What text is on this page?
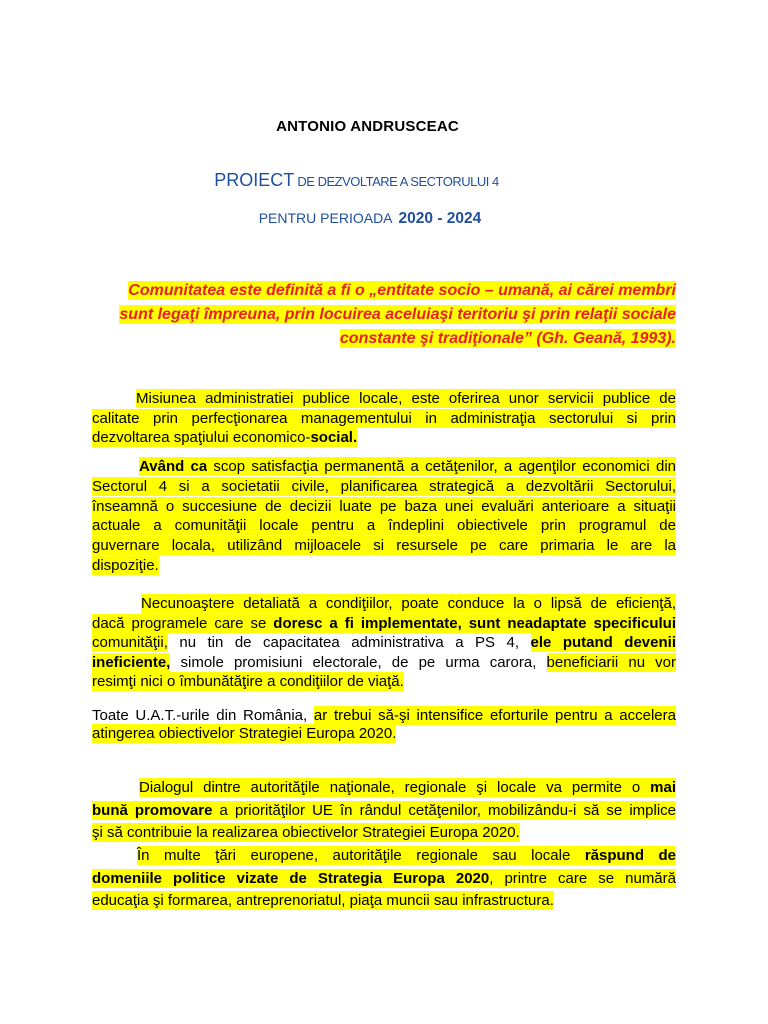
ANTONIO ANDRUSCEAC
PROIECT DE DEZVOLTARE A SECTORULUI 4
PENTRU PERIOADA 2020 - 2024
Comunitatea este definită a fi o „entitate socio – umană, ai cărei membri
sunt legaţi împreuna, prin locuirea aceluiaşi teritoriu şi prin relaţii sociale
constante şi tradiţionale” (Gh. Geană, 1993).
Misiunea administratiei publice locale, este oferirea unor servicii publice de
calitate prin perfecţionarea managementului in administraţia sectorului si prin
dezvoltarea spaţiului economico-social.
Având ca scop satisfacţia permanentă a cetăţenilor, a agenţilor economici din
Sectorul 4 si a societatii civile, planificarea strategică a dezvoltării Sectorului,
înseamnă o succesiune de decizii luate pe baza unei evaluări anterioare a situaţii
actuale a comunităţii locale pentru a îndeplini obiectivele prin programul de
guvernare locala, utilizând mijloacele si resursele pe care primaria le are la
dispoziţie.
Necunoaştere detaliată a condiţiilor, poate conduce la o lipsă de eficienţă,
dacă programele care se doresc a fi implementate, sunt neadaptate specificului
comunităţii, nu tin de capacitatea administrativa a PS 4, ele putand devenii
ineficiente, simole promisiuni electorale, de pe urma carora, beneficiarii nu vor
resimţi nici o îmbunătăţire a condiţiilor de viaţă.
Toate U.A.T.-urile din România, ar trebui să-şi intensifice eforturile pentru a accelera
atingerea obiectivelor Strategiei Europa 2020.
Dialogul dintre autorităţile naţionale, regionale şi locale va permite o mai
bună promovare a priorităţilor UE în rândul cetăţenilor, mobilizându-i să se implice
şi să contribuie la realizarea obiectivelor Strategiei Europa 2020.
În multe ţări europene, autorităţile regionale sau locale răspund de
domeniile politice vizate de Strategia Europa 2020, printre care se numără
educaţia şi formarea, antreprenoriatul, piaţa muncii sau infrastructura.
